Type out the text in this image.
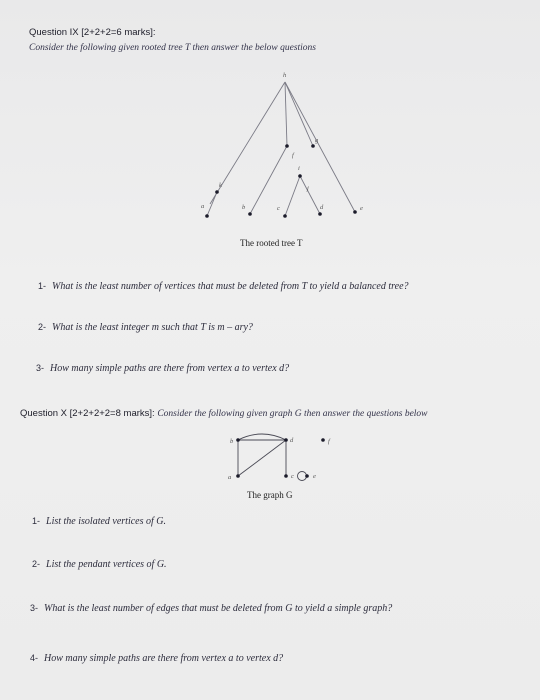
Question IX [2+2+2=6 marks]:
Consider the following given rooted tree T then answer the below questions
h
f
g
i
j
k
a	b	c	d	e
The rooted tree T
1- What is the least number of vertices that must be deleted from T to yield a balanced tree?
2- What is the least integer m such that T is m – ary?
3- How many simple paths are there from vertex a to vertex d?
Question X [2+2+2+2=8 marks]: Consider the following given graph G then answer the questions below
b	d	f
a	c	e
The graph G
1- List the isolated vertices of G.
2- List the pendant vertices of G.
3- What is the least number of edges that must be deleted from G to yield a simple graph?
4- How many simple paths are there from vertex a to vertex d?
